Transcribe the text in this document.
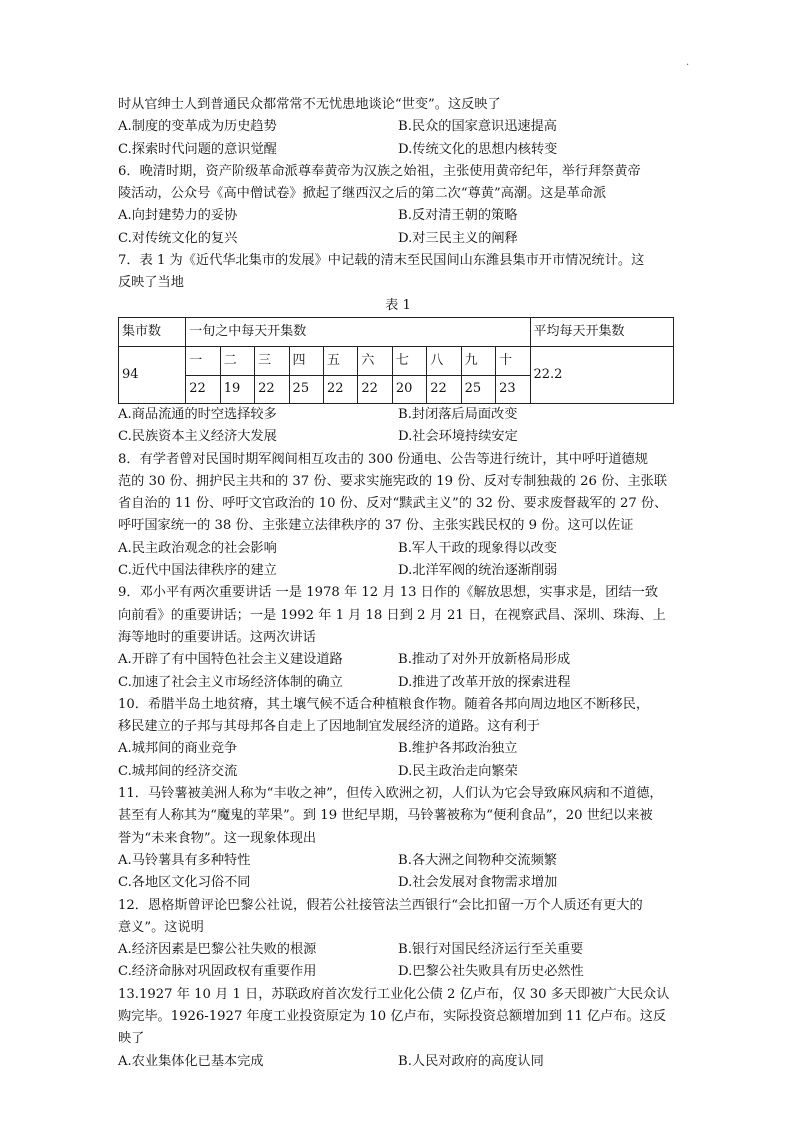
·

时从官绅士人到普通民众都常常不无忧患地谈论“世变”。这反映了

A.制度的变革成为历史趋势	B.民众的国家意识迅速提高
C.探索时代问题的意识觉醒	D.传统文化的思想内核转变

6．晚清时期，资产阶级革命派尊奉黄帝为汉族之始祖，主张使用黄帝纪年，举行拜祭黄帝

陵活动，公众号《高中僧试卷》掀起了继西汉之后的第二次“尊黄”高潮。这是革命派

A.向封建势力的妥协	B.反对清王朝的策略
C.对传统文化的复兴	D.对三民主义的阐释

7．表 1 为《近代华北集市的发展》中记载的清末至民国间山东潍县集市开市情况统计。这

反映了当地

表 1

集市数	一旬之中每天开集数										平均每天开集数
94	一	二	三	四	五	六	七	八	九	十	22.2
	22	19	22	25	22	22	20	22	25	23	
A.商品流通的时空选择较多	B.封闭落后局面改变
C.民族资本主义经济大发展	D.社会环境持续安定

8．有学者曾对民国时期军阀间相互攻击的 300 份通电、公告等进行统计，其中呼吁道德规

范的 30 份、拥护民主共和的 37 份、要求实施宪政的 19 份、反对专制独裁的 26 份、主张联

省自治的 11 份、呼吁文官政治的 10 份、反对“黩武主义”的 32 份、要求废督裁军的 27 份、

呼吁国家统一的 38 份、主张建立法律秩序的 37 份、主张实践民权的 9 份。这可以佐证

A.民主政治观念的社会影响	B.军人干政的现象得以改变
C.近代中国法律秩序的建立	D.北洋军阀的统治逐渐削弱

9．邓小平有两次重要讲话 一是 1978 年 12 月 13 日作的《解放思想，实事求是，团结一致

向前看》的重要讲话；一是 1992 年 1 月 18 日到 2 月 21 日，在视察武昌、深圳、珠海、上

海等地时的重要讲话。这两次讲话

A.开辟了有中国特色社会主义建设道路	B.推动了对外开放新格局形成
C.加速了社会主义市场经济体制的确立	D.推进了改革开放的探索进程

10．希腊半岛土地贫瘠，其土壤气候不适合种植粮食作物。随着各邦向周边地区不断移民，

移民建立的子邦与其母邦各自走上了因地制宜发展经济的道路。这有利于

A.城邦间的商业竞争	B.维护各邦政治独立
C.城邦间的经济交流	D.民主政治走向繁荣

11．马铃薯被美洲人称为“丰收之神”，但传入欧洲之初，人们认为它会导致麻风病和不道德，

甚至有人称其为“魔鬼的苹果”。到 19 世纪早期，马铃薯被称为“便利食品”，20 世纪以来被

誉为“未来食物”。这一现象体现出

A.马铃薯具有多种特性	B.各大洲之间物种交流频繁
C.各地区文化习俗不同	D.社会发展对食物需求增加

12．恩格斯曾评论巴黎公社说，假若公社接管法兰西银行“会比扣留一万个人质还有更大的

意义”。这说明

A.经济因素是巴黎公社失败的根源	B.银行对国民经济运行至关重要
C.经济命脉对巩固政权有重要作用	D.巴黎公社失败具有历史必然性

13.1927 年 10 月 1 日，苏联政府首次发行工业化公债 2 亿卢布，仅 30 多天即被广大民众认

购完毕。1926-1927 年度工业投资原定为 10 亿卢布，实际投资总额增加到 11 亿卢布。这反

映了

A.农业集体化已基本完成	B.人民对政府的高度认同
